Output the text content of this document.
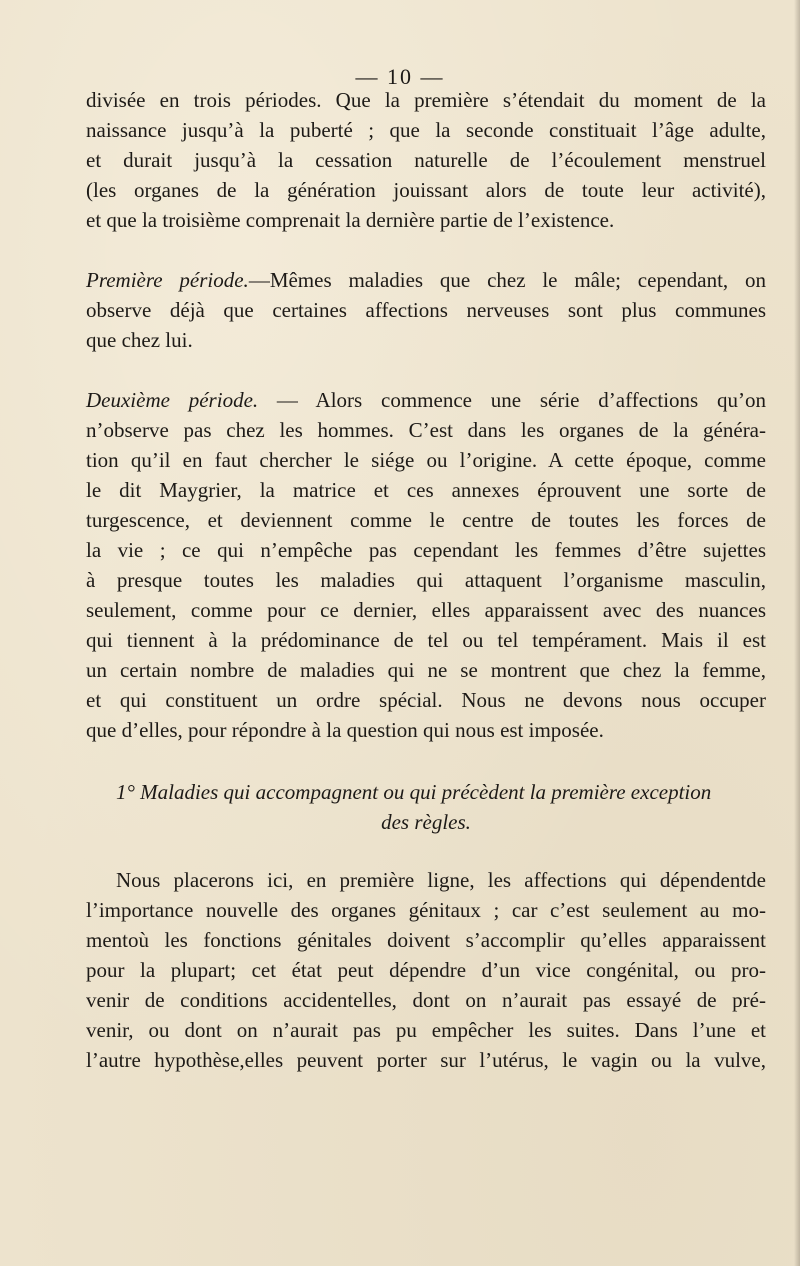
— 10 —
divisée en trois périodes. Que la première s’étendait du moment de la
naissance jusqu’à la puberté ; que la seconde constituait l’âge adulte,
et durait jusqu’à la cessation naturelle de l’écoulement menstruel
(les organes de la génération jouissant alors de toute leur activité),
et que la troisième comprenait la dernière partie de l’existence.
Première période.—Mêmes maladies que chez le mâle; cependant, on
observe déjà que certaines affections nerveuses sont plus communes
que chez lui.
Deuxième période. — Alors commence une série d’affections qu’on
n’observe pas chez les hommes. C’est dans les organes de la généra-
tion qu’il en faut chercher le siége ou l’origine. A cette époque, comme
le dit Maygrier, la matrice et ces annexes éprouvent une sorte de
turgescence, et deviennent comme le centre de toutes les forces de
la vie ; ce qui n’empêche pas cependant les femmes d’être sujettes
à presque toutes les maladies qui attaquent l’organisme masculin,
seulement, comme pour ce dernier, elles apparaissent avec des nuances
qui tiennent à la prédominance de tel ou tel tempérament. Mais il est
un certain nombre de maladies qui ne se montrent que chez la femme,
et qui constituent un ordre spécial. Nous ne devons nous occuper
que d’elles, pour répondre à la question qui nous est imposée.
1° Maladies qui accompagnent ou qui précèdent la première exception
des règles.
Nous placerons ici, en première ligne, les affections qui dépendentde
l’importance nouvelle des organes génitaux ; car c’est seulement au mo-
mentoù les fonctions génitales doivent s’accomplir qu’elles apparaissent
pour la plupart; cet état peut dépendre d’un vice congénital, ou pro-
venir de conditions accidentelles, dont on n’aurait pas essayé de pré-
venir, ou dont on n’aurait pas pu empêcher les suites. Dans l’une et
l’autre hypothèse,elles peuvent porter sur l’utérus, le vagin ou la vulve,
